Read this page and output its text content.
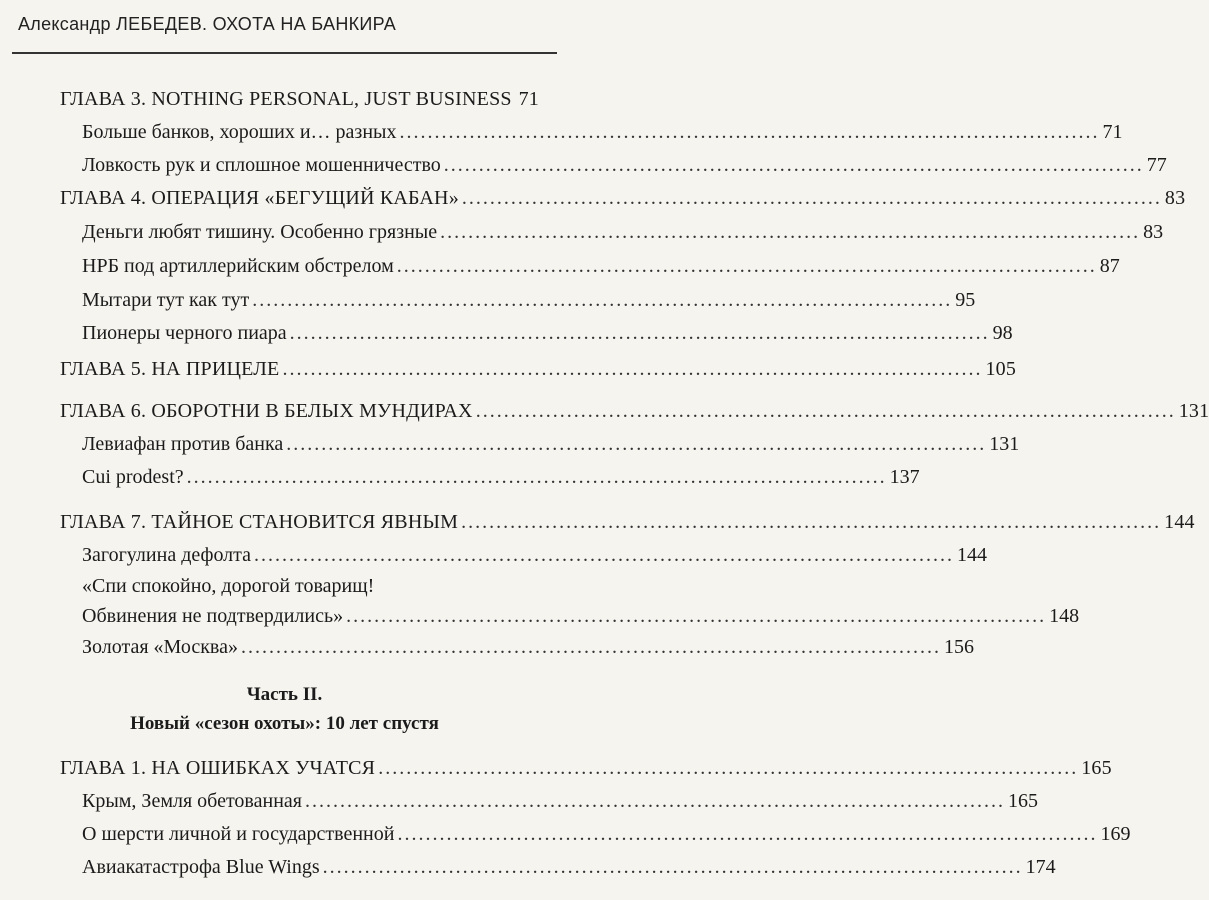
Александр ЛЕБЕДЕВ. ОХОТА НА БАНКИРА
ГЛАВА 3. NOTHING PERSONAL, JUST BUSINESS 71
Больше банков, хороших и… разных .................................................................................................... 71
Ловкость рук и сплошное мошенничество .................................................................................................... 77
ГЛАВА 4. ОПЕРАЦИЯ «БЕГУЩИЙ КАБАН» .................................................................................................... 83
Деньги любят тишину. Особенно грязные .................................................................................................... 83
НРБ под артиллерийским обстрелом .................................................................................................... 87
Мытари тут как тут .................................................................................................... 95
Пионеры черного пиара .................................................................................................... 98
ГЛАВА 5. НА ПРИЦЕЛЕ .................................................................................................... 105
ГЛАВА 6. ОБОРОТНИ В БЕЛЫХ МУНДИРАХ .................................................................................................... 131
Левиафан против банка .................................................................................................... 131
Cui prodest? .................................................................................................... 137
ГЛАВА 7. ТАЙНОЕ СТАНОВИТСЯ ЯВНЫМ .................................................................................................... 144
Загогулина дефолта .................................................................................................... 144
«Спи спокойно, дорогой товарищ!
Обвинения не подтвердились» .................................................................................................... 148
Золотая «Москва» .................................................................................................... 156
Часть II.
Новый «сезон охоты»: 10 лет спустя
ГЛАВА 1. НА ОШИБКАХ УЧАТСЯ .................................................................................................... 165
Крым, Земля обетованная .................................................................................................... 165
О шерсти личной и государственной .................................................................................................... 169
Авиакатастрофа Blue Wings .................................................................................................... 174
